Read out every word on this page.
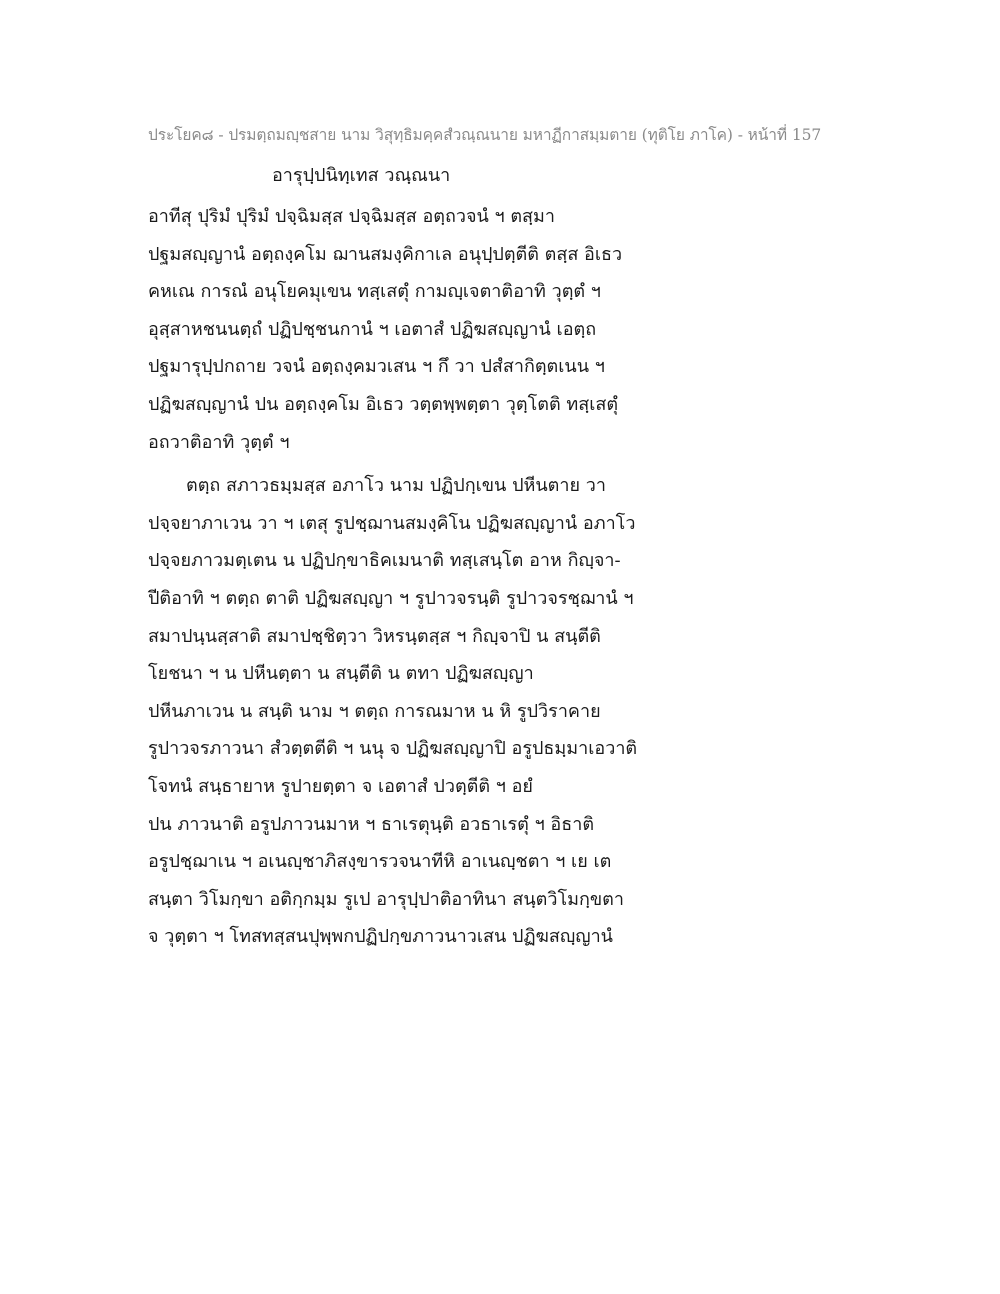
ประโยค๘ - ปรมตฺถมญฺชสาย นาม วิสุทฺธิมคฺคสํวณฺณนาย มหาฏีกาสมฺมตาย (ทุติโย ภาโค) - หน้าที่ 157
อารุปฺปนิทฺเทส วณฺณนา
อาทีสุ ปุริมํ ปุริมํ ปจฺฉิมสฺส ปจฺฉิมสฺส อตฺถวจนํ ฯ ตสฺมา
ปฐมสญฺญานํ อตฺถงฺคโม ฌานสมงฺคิกาเล อนุปฺปตฺตีติ ตสฺส อิเธว
คหเณ การณํ อนุโยคมุเขน ทสฺเสตุํ กามญฺเจตาติอาทิ วุตฺตํ ฯ
อุสฺสาหชนนตฺถํ ปฏิปชฺชนกานํ ฯ เอตาสํ ปฏิฆสญฺญานํ เอตฺถ
ปฐมารุปฺปกถาย วจนํ อตฺถงฺคมวเสน ฯ กึ วา ปสํสากิตฺตเนน ฯ
ปฏิฆสญฺญานํ ปน อตฺถงฺคโม อิเธว วตฺตพฺพตฺตา วุตฺโตติ ทสฺเสตุํ
อถวาติอาทิ วุตฺตํ ฯ
ตตฺถ สภาวธมฺมสฺส อภาโว นาม ปฏิปกฺเขน ปหีนตาย วา
ปจฺจยาภาเวน วา ฯ เตสุ รูปชฺฌานสมงฺคิโน ปฏิฆสญฺญานํ อภาโว
ปจฺจยภาวมตฺเตน น ปฏิปกฺขาธิคเมนาติ ทสฺเสนฺโต อาห กิญฺจา-
ปีติอาทิ ฯ ตตฺถ ตาติ ปฏิฆสญฺญา ฯ รูปาวจรนฺติ รูปาวจรชฺฌานํ ฯ
สมาปนฺนสฺสาติ สมาปชฺชิตฺวา วิหรนฺตสฺส ฯ กิญฺจาปิ น สนฺตีติ
โยชนา ฯ น ปหีนตฺตา น สนฺตีติ น ตทา ปฏิฆสญฺญา
ปหีนภาเวน น สนฺติ นาม ฯ ตตฺถ การณมาห น หิ รูปวิราคาย
รูปาวจรภาวนา สํวตฺตตีติ ฯ นนุ จ ปฏิฆสญฺญาปิ อรูปธมฺมาเอวาติ
โจทนํ สนฺธายาห รูปายตฺตา จ เอตาสํ ปวตฺตีติ ฯ อยํ
ปน ภาวนาติ อรูปภาวนมาห ฯ ธาเรตุนฺติ อวธาเรตุํ ฯ อิธาติ
อรูปชฺฌาเน ฯ อเนญฺชาภิสงฺขารวจนาทีหิ อาเนญฺชตา ฯ เย เต
สนฺตา วิโมกฺขา อติกฺกมฺม รูเป อารุปฺปาติอาทินา สนฺตวิโมกฺขตา
จ วุตฺตา ฯ โทสทสฺสนปุพฺพกปฏิปกฺขภาวนาวเสน ปฏิฆสญฺญานํ
